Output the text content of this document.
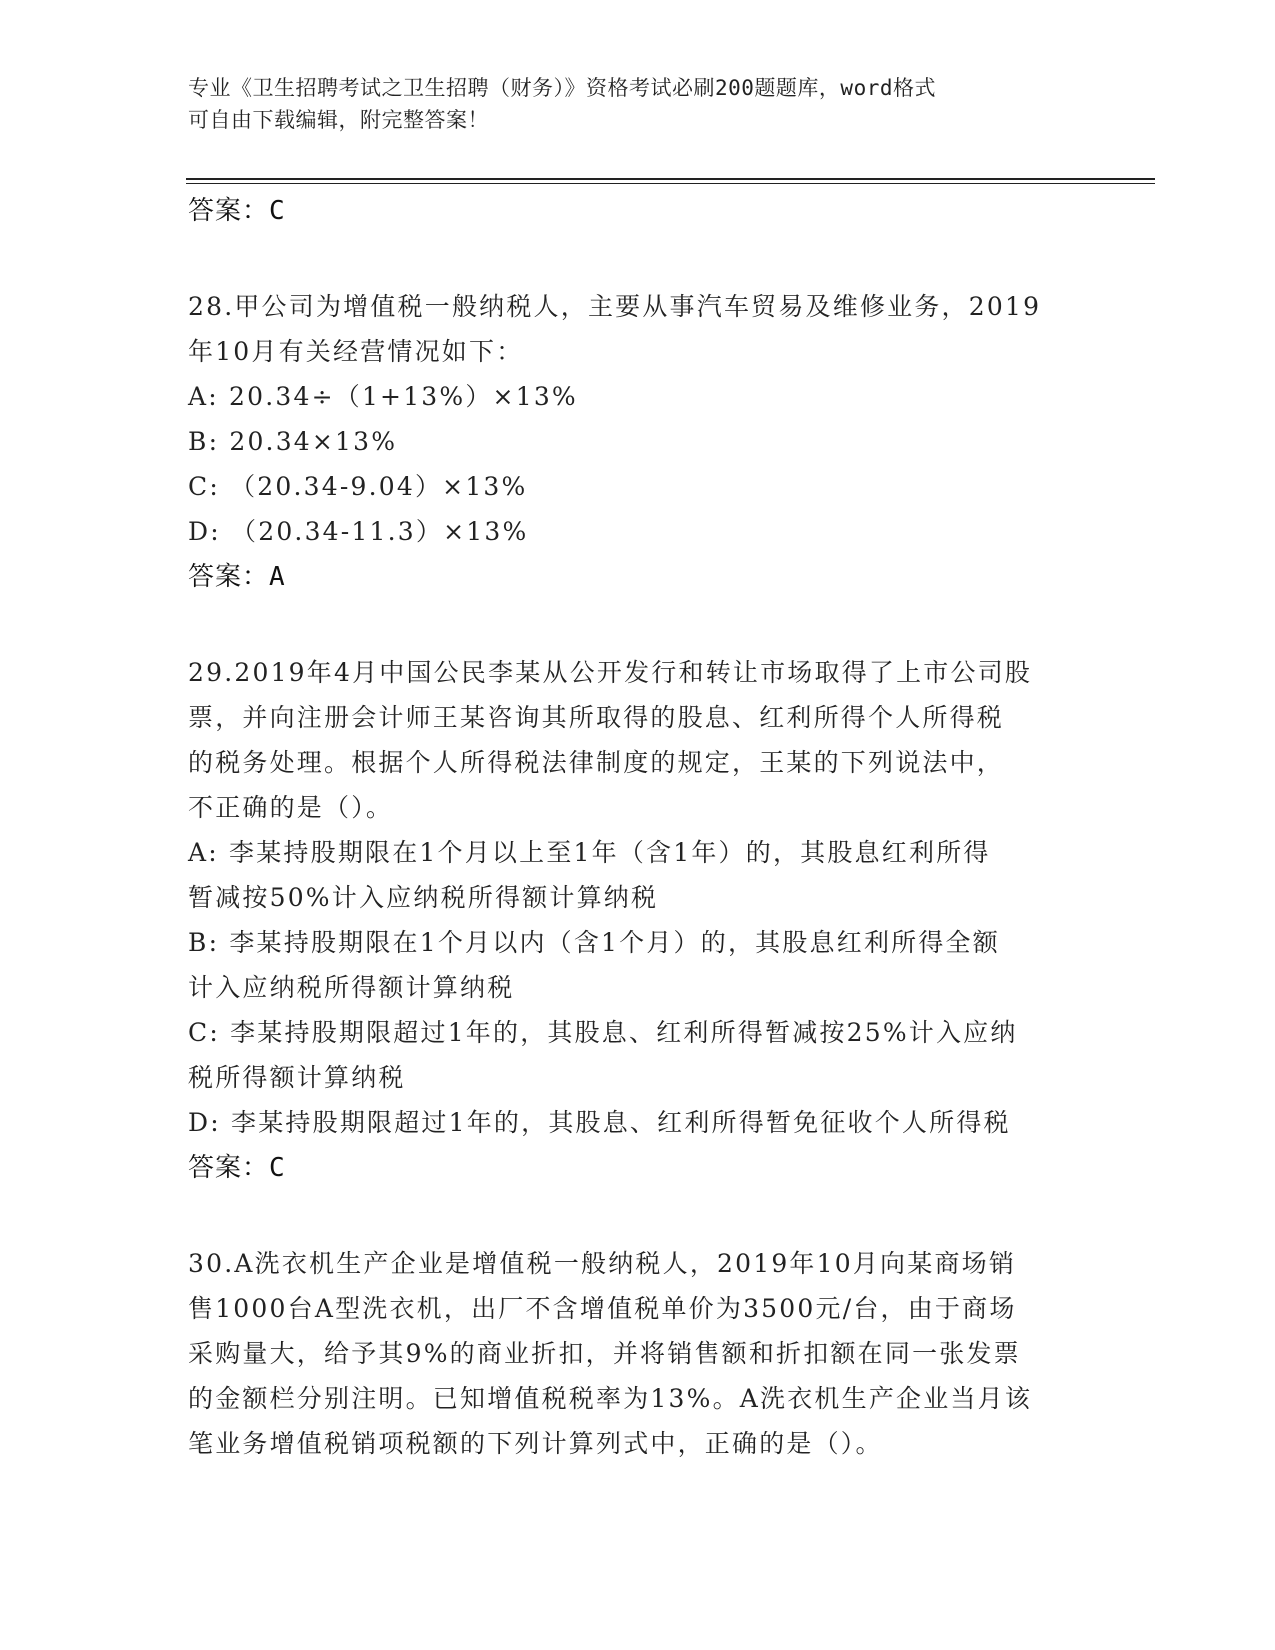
专业《卫生招聘考试之卫生招聘（财务）》资格考试必刷200题题库，word格式
可自由下载编辑，附完整答案！
答案：C

28.甲公司为增值税一般纳税人，主要从事汽车贸易及维修业务，2019

年10月有关经营情况如下：

A: 20.34÷（1+13%）×13%

B: 20.34×13%

C: （20.34-9.04）×13%

D: （20.34-11.3）×13%

答案：A

29.2019年4月中国公民李某从公开发行和转让市场取得了上市公司股

票，并向注册会计师王某咨询其所取得的股息、红利所得个人所得税

的税务处理。根据个人所得税法律制度的规定，王某的下列说法中，

不正确的是（）。

A: 李某持股期限在1个月以上至1年（含1年）的，其股息红利所得

暂减按50%计入应纳税所得额计算纳税

B: 李某持股期限在1个月以内（含1个月）的，其股息红利所得全额

计入应纳税所得额计算纳税

C: 李某持股期限超过1年的，其股息、红利所得暂减按25%计入应纳

税所得额计算纳税

D: 李某持股期限超过1年的，其股息、红利所得暂免征收个人所得税

答案：C

30.A洗衣机生产企业是增值税一般纳税人，2019年10月向某商场销

售1000台A型洗衣机，出厂不含增值税单价为3500元/台，由于商场

采购量大，给予其9%的商业折扣，并将销售额和折扣额在同一张发票

的金额栏分别注明。已知增值税税率为13%。A洗衣机生产企业当月该

笔业务增值税销项税额的下列计算列式中，正确的是（）。
